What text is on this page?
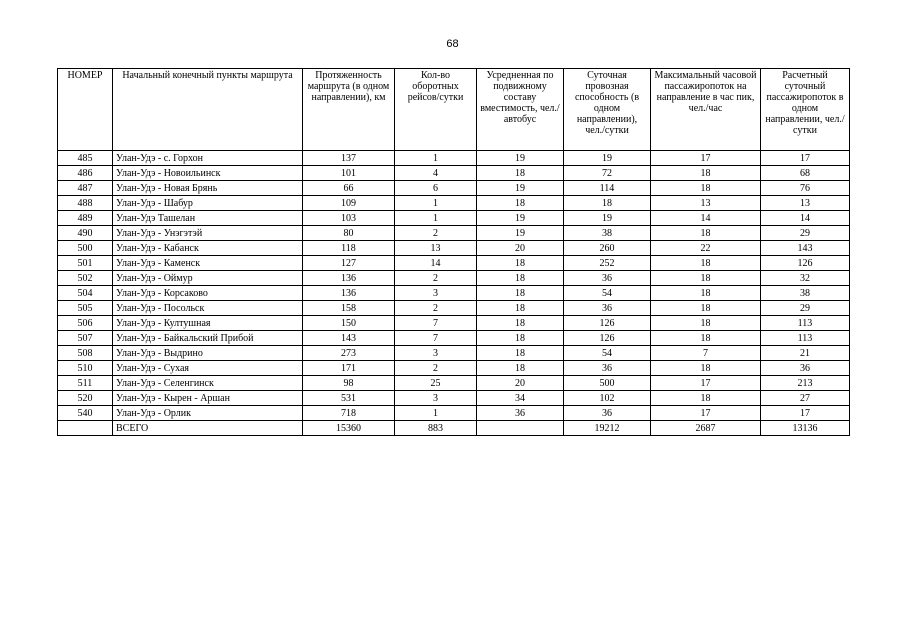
68
НОМЕР	Начальный конечный пункты маршрута	Протяженность маршрута (в одном направлении), км	Кол-во оборотных рейсов/сутки	Усредненная по подвижному составу вместимость, чел./автобус	Суточная провозная способность (в одном направлении), чел./сутки	Максимальный часовой пассажиропоток на направление в час пик, чел./час	Расчетный суточный пассажиропоток в одном направлении, чел./сутки
485	Улан-Удэ - с. Горхон	137	1	19	19	17	17
486	Улан-Удэ - Новоильинск	101	4	18	72	18	68
487	Улан-Удэ - Новая Брянь	66	6	19	114	18	76
488	Улан-Удэ - Шабур	109	1	18	18	13	13
489	Улан-Удэ Ташелан	103	1	19	19	14	14
490	Улан-Удэ - Унэгэтэй	80	2	19	38	18	29
500	Улан-Удэ - Кабанск	118	13	20	260	22	143
501	Улан-Удэ - Каменск	127	14	18	252	18	126
502	Улан-Удэ - Оймур	136	2	18	36	18	32
504	Улан-Удэ - Корсаково	136	3	18	54	18	38
505	Улан-Удэ - Посольск	158	2	18	36	18	29
506	Улан-Удэ - Култушная	150	7	18	126	18	113
507	Улан-Удэ - Байкальский Прибой	143	7	18	126	18	113
508	Улан-Удэ - Выдрино	273	3	18	54	7	21
510	Улан-Удэ - Сухая	171	2	18	36	18	36
511	Улан-Удэ - Селенгинск	98	25	20	500	17	213
520	Улан-Удэ - Кырен - Аршан	531	3	34	102	18	27
540	Улан-Удэ - Орлик	718	1	36	36	17	17
	ВСЕГО	15360	883		19212	2687	13136
